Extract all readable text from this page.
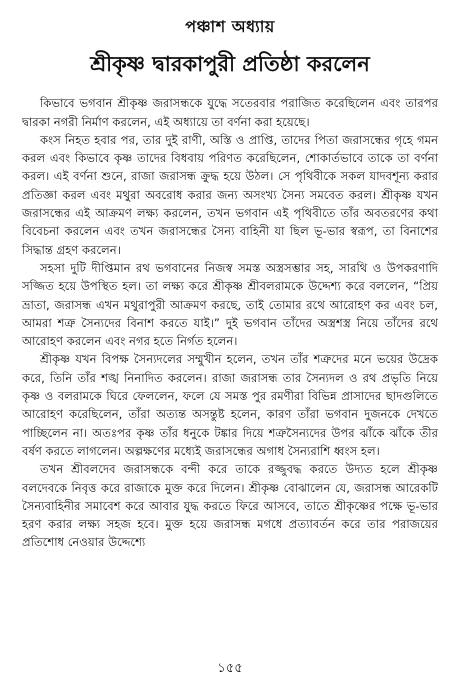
পঞ্চাশ অধ্যায়
শ্রীকৃষ্ণ দ্বারকাপুরী প্রতিষ্ঠা করলেন

কিভাবে ভগবান শ্রীকৃষ্ণ জরাসন্ধকে যুদ্ধে সতেরবার পরাজিত করেছিলেন এবং তারপর দ্বারকা নগরী নির্মাণ করলেন, এই অধ্যায়ে তা বর্ণনা করা হয়েছে।

কংস নিহত হবার পর, তার দুই রাণী, অস্তি ও প্রাপ্তি, তাদের পিতা জরাসন্ধের গৃহে গমন করল এবং কিভাবে কৃষ্ণ তাদের বিধবায় পরিণত করেছিলেন, শোকার্তভাবে তাকে তা বর্ণনা করল। এই বর্ণনা শুনে, রাজা জরাসন্ধ ক্রুদ্ধ হয়ে উঠল। সে পৃথিবীকে সকল যাদবশূন্য করার প্রতিজ্ঞা করল এবং মথুরা অবরোধ করার জন্য অসংখ্য সৈন্য সমবেত করল। শ্রীকৃষ্ণ যখন জরাসন্ধের এই আক্রমণ লক্ষ্য করলেন, তখন ভগবান এই পৃথিবীতে তাঁর অবতরণের কথা বিবেচনা করলেন এবং তখন জরাসন্ধের সৈন্য বাহিনী যা ছিল ভূ-ভার স্বরূপ, তা বিনাশের সিদ্ধান্ত গ্রহণ করলেন।

সহসা দুটি দীপ্তিমান রথ ভগবানের নিজস্ব সমস্ত অস্ত্রসম্ভার সহ, সারথি ও উপকরণাদি সজ্জিত হয়ে উপস্থিত হল। তা লক্ষ্য করে শ্রীকৃষ্ণ শ্রীবলরামকে উদ্দেশ্য করে বললেন, “প্রিয় ভ্রাতা, জরাসন্ধ এখন মথুরাপুরী আক্রমণ করছে, তাই তোমার রথে আরোহণ কর এবং চল, আমরা শত্রু সৈন্যদের বিনাশ করতে যাই।” দুই ভগবান তাঁদের অস্ত্রশস্ত্র নিয়ে তাঁদের রথে আরোহণ করলেন এবং নগর হতে নির্গত হলেন।

শ্রীকৃষ্ণ যখন বিপক্ষ সৈন্যদলের সম্মুখীন হলেন, তখন তাঁর শত্রুদের মনে ভয়ের উদ্রেক করে, তিনি তাঁর শঙ্খ নিনাদিত করলেন। রাজা জরাসন্ধ তার সৈন্যদল ও রথ প্রভৃতি নিয়ে কৃষ্ণ ও বলরামকে ঘিরে ফেললেন, ফলে যে সমস্ত পুর রমণীরা বিভিন্ন প্রাসাদের ছাদগুলিতে আরোহণ করেছিলেন, তাঁরা অত্যন্ত অসন্তুষ্ট হলেন, কারণ তাঁরা ভগবান দুজনকে দেখতে পাচ্ছিলেন না। অতঃপর কৃষ্ণ তাঁর ধনুকে টঙ্কার দিয়ে শত্রুসৈন্যদের উপর ঝাঁকে ঝাঁকে তীর বর্ষণ করতে লাগলেন। অল্পক্ষণের মধ্যেই জরাসন্ধের অগাধ সৈন্যরাশি ধ্বংস হল।

তখন শ্রীবলদেব জরাসন্ধকে বন্দী করে তাকে রজ্জুবদ্ধ করতে উদ্যত হলে শ্রীকৃষ্ণ বলদেবকে নিবৃত্ত করে রাজাকে মুক্ত করে দিলেন। শ্রীকৃষ্ণ বোঝালেন যে, জরাসন্ধ আরেকটি সৈন্যবাহিনীর সমাবেশ করে আবার যুদ্ধ করতে ফিরে আসবে, তাতে শ্রীকৃষ্ণের পক্ষে ভূ-ভার হরণ করার লক্ষ্য সহজ হবে। মুক্ত হয়ে জরাসন্ধ মগধে প্রত্যাবর্তন করে তার পরাজয়ের প্রতিশোধ নেওয়ার উদ্দেশ্যে

১৫৫
